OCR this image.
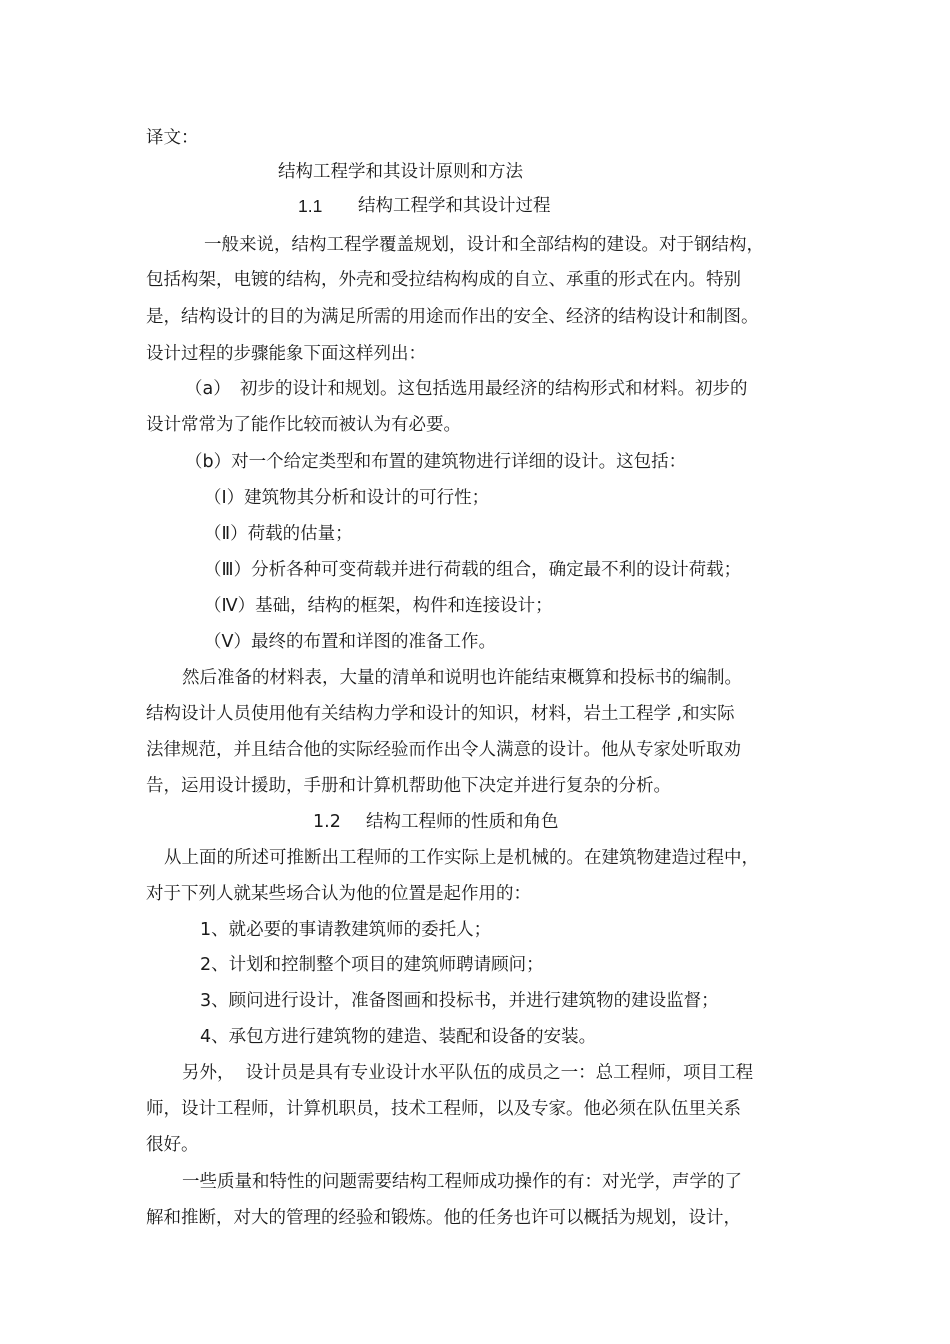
译文：
结构工程学和其设计原则和方法
1.1 结构工程学和其设计过程
一般来说，结构工程学覆盖规划，设计和全部结构的建设。对于钢结构，
包括构架，电镀的结构，外壳和受拉结构构成的自立、承重的形式在内。特别
是，结构设计的目的为满足所需的用途而作出的安全、经济的结构设计和制图。
设计过程的步骤能象下面这样列出：
（a） 初步的设计和规划。这包括选用最经济的结构形式和材料。初步的
设计常常为了能作比较而被认为有必要。
（b）对一个给定类型和布置的建筑物进行详细的设计。这包括：
（Ⅰ）建筑物其分析和设计的可行性；
（Ⅱ）荷载的估量；
（Ⅲ）分析各种可变荷载并进行荷载的组合，确定最不利的设计荷载；
（Ⅳ）基础，结构的框架，构件和连接设计；
（Ⅴ）最终的布置和详图的准备工作。
然后准备的材料表，大量的清单和说明也许能结束概算和投标书的编制。
结构设计人员使用他有关结构力学和设计的知识，材料，岩土工程学 ,和实际
法律规范，并且结合他的实际经验而作出令人满意的设计。他从专家处听取劝
告，运用设计援助，手册和计算机帮助他下决定并进行复杂的分析。
1.2 结构工程师的性质和角色
从上面的所述可推断出工程师的工作实际上是机械的。在建筑物建造过程中，
对于下列人就某些场合认为他的位置是起作用的：
1、就必要的事请教建筑师的委托人；
2、计划和控制整个项目的建筑师聘请顾问；
3、顾问进行设计，准备图画和投标书，并进行建筑物的建设监督；
4、承包方进行建筑物的建造、装配和设备的安装。
另外，  设计员是具有专业设计水平队伍的成员之一：总工程师，项目工程
师，设计工程师，计算机职员，技术工程师，以及专家。他必须在队伍里关系
很好。
一些质量和特性的问题需要结构工程师成功操作的有：对光学，声学的了
解和推断，对大的管理的经验和锻炼。他的任务也许可以概括为规划，设计，
